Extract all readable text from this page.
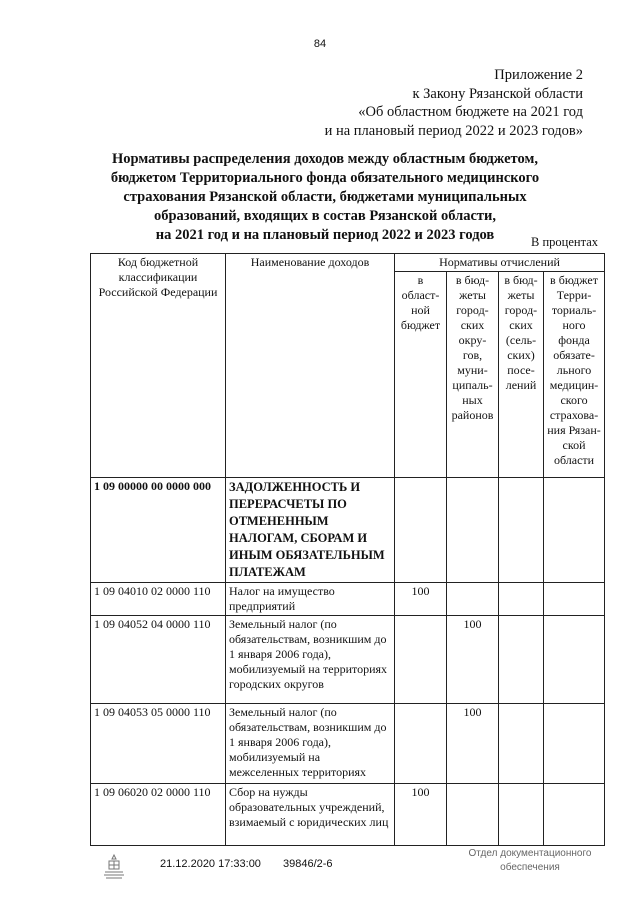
84
Приложение 2
к Закону Рязанской области
«Об областном бюджете на 2021 год
и на плановый период 2022 и 2023 годов»
Нормативы распределения доходов между областным бюджетом,
бюджетом Территориального фонда обязательного медицинского
страхования Рязанской области, бюджетами муниципальных
образований, входящих в состав Рязанской области,
на 2021 год и на плановый период 2022 и 2023 годов	В процентах
Код бюджетной классификации Российской Федерации	Наименование доходов	Нормативы отчислений			
		в област-ной бюджет	в бюд-жеты город-ских окру-гов, муни-ципаль-ных районов	в бюд-жеты город-ских (сель-ских) посе-лений	в бюджет Терри-ториаль-ного фонда обязате-льного медицин-ского страхова-ния Рязан-ской области
1 09 00000 00 0000 000	ЗАДОЛЖЕННОСТЬ И ПЕРЕРАСЧЕТЫ ПО ОТМЕНЕННЫМ НАЛОГАМ, СБОРАМ И ИНЫМ ОБЯЗАТЕЛЬНЫМ ПЛАТЕЖАМ				
1 09 04010 02 0000 110	Налог на имущество предприятий	100			
1 09 04052 04 0000 110	Земельный налог (по обязательствам, возникшим до 1 января 2006 года), мобилизуемый на территориях городских округов		100		
1 09 04053 05 0000 110	Земельный налог (по обязательствам, возникшим до 1 января 2006 года), мобилизуемый на межселенных территориях		100		
1 09 06020 02 0000 110	Сбор на нужды образовательных учреждений, взимаемый с юридических лиц	100			
21.12.2020 17:33:00 39846/2-6
Отдел документационного
обеспечения
